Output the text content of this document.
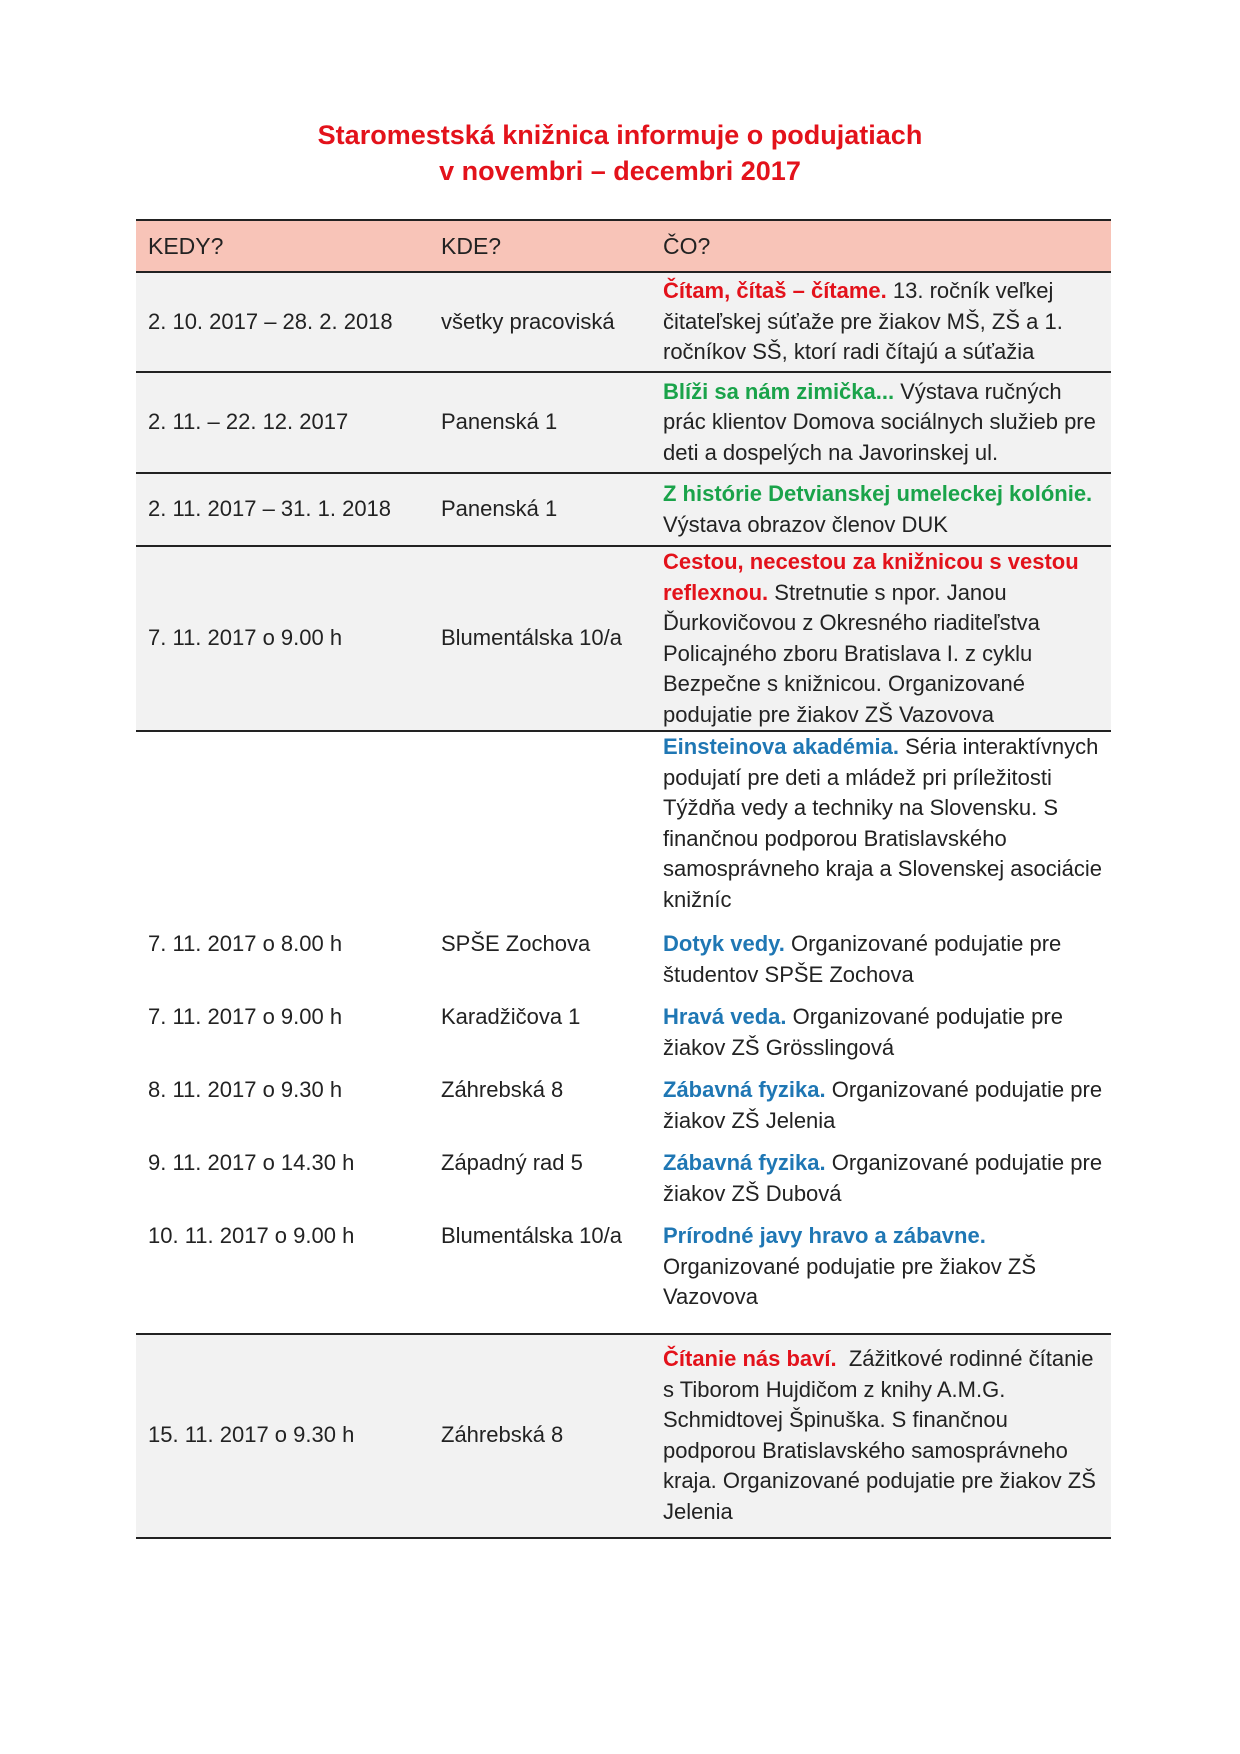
Staromestská knižnica informuje o podujatiach
v novembri – decembri 2017
KEDY?	KDE?	ČO?
2. 10. 2017 – 28. 2. 2018	všetky pracoviská	Čítam, čítaš – čítame. 13. ročník veľkej čitateľskej súťaže pre žiakov MŠ, ZŠ a 1. ročníkov SŠ, ktorí radi čítajú a súťažia
2. 11. – 22. 12. 2017	Panenská 1	Blíži sa nám zimička... Výstava ručných prác klientov Domova sociálnych služieb pre deti a dospelých na Javorinskej ul.
2. 11. 2017 – 31. 1. 2018	Panenská 1	Z histórie Detvianskej umeleckej kolónie. Výstava obrazov členov DUK
7. 11. 2017 o 9.00 h	Blumentálska 10/a	Cestou, necestou za knižnicou s vestou reflexnou. Stretnutie s npor. Janou Ďurkovičovou z Okresného riaditeľstva Policajného zboru Bratislava I. z cyklu Bezpečne s knižnicou. Organizované podujatie pre žiakov ZŠ Vazovova
		Einsteinova akadémia. Séria interaktívnych podujatí pre deti a mládež pri príležitosti Týždňa vedy a techniky na Slovensku. S finančnou podporou Bratislavského samosprávneho kraja a Slovenskej asociácie knižníc
7. 11. 2017 o 8.00 h	SPŠE Zochova	Dotyk vedy. Organizované podujatie pre študentov SPŠE Zochova
7. 11. 2017 o 9.00 h	Karadžičova 1	Hravá veda. Organizované podujatie pre žiakov ZŠ Grösslingová
8. 11. 2017 o 9.30 h	Záhrebská 8	Zábavná fyzika. Organizované podujatie pre žiakov ZŠ Jelenia
9. 11. 2017 o 14.30 h	Západný rad 5	Zábavná fyzika. Organizované podujatie pre žiakov ZŠ Dubová
10. 11. 2017 o 9.00 h	Blumentálska 10/a	Prírodné javy hravo a zábavne. Organizované podujatie pre žiakov ZŠ Vazovova
15. 11. 2017 o 9.30 h	Záhrebská 8	Čítanie nás baví. Zážitkové rodinné čítanie s Tiborom Hujdičom z knihy A.M.G. Schmidtovej Špinuška. S finančnou podporou Bratislavského samosprávneho kraja. Organizované podujatie pre žiakov ZŠ Jelenia
